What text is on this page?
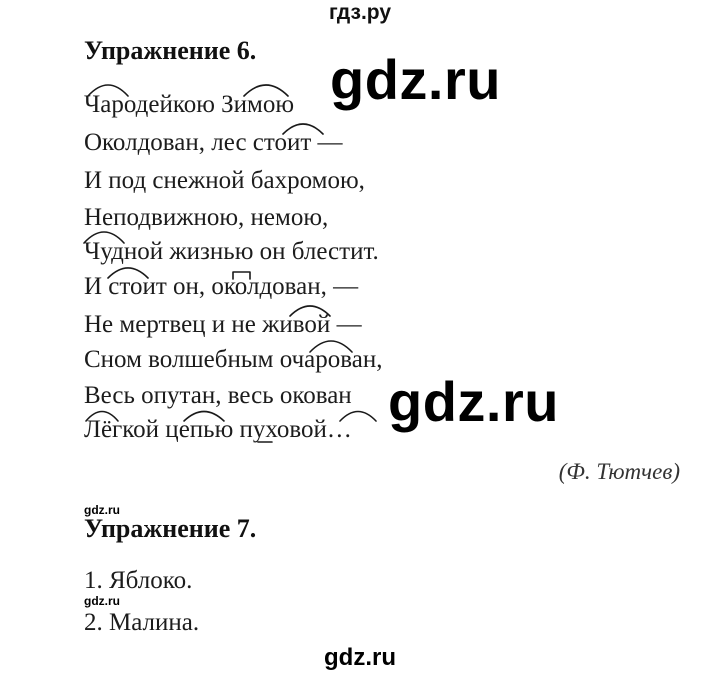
гдз.ру
Упражнение 6. gdz.ru
Чародейкою Зимою
Околдован, лес стоит —
И под снежной бахромою,
Неподвижною, немою,
Чудной жизнью он блестит.
И стоит он, околдован, —
Не мертвец и не живой —
Сном волшебным очарован,
Весь опутан, весь окован
Лёгкой цепью пуховой… gdz.ru
(Ф. Тютчев)
gdz.ru
Упражнение 7.
1. Яблоко.
gdz.ru
2. Малина.
gdz.ru
